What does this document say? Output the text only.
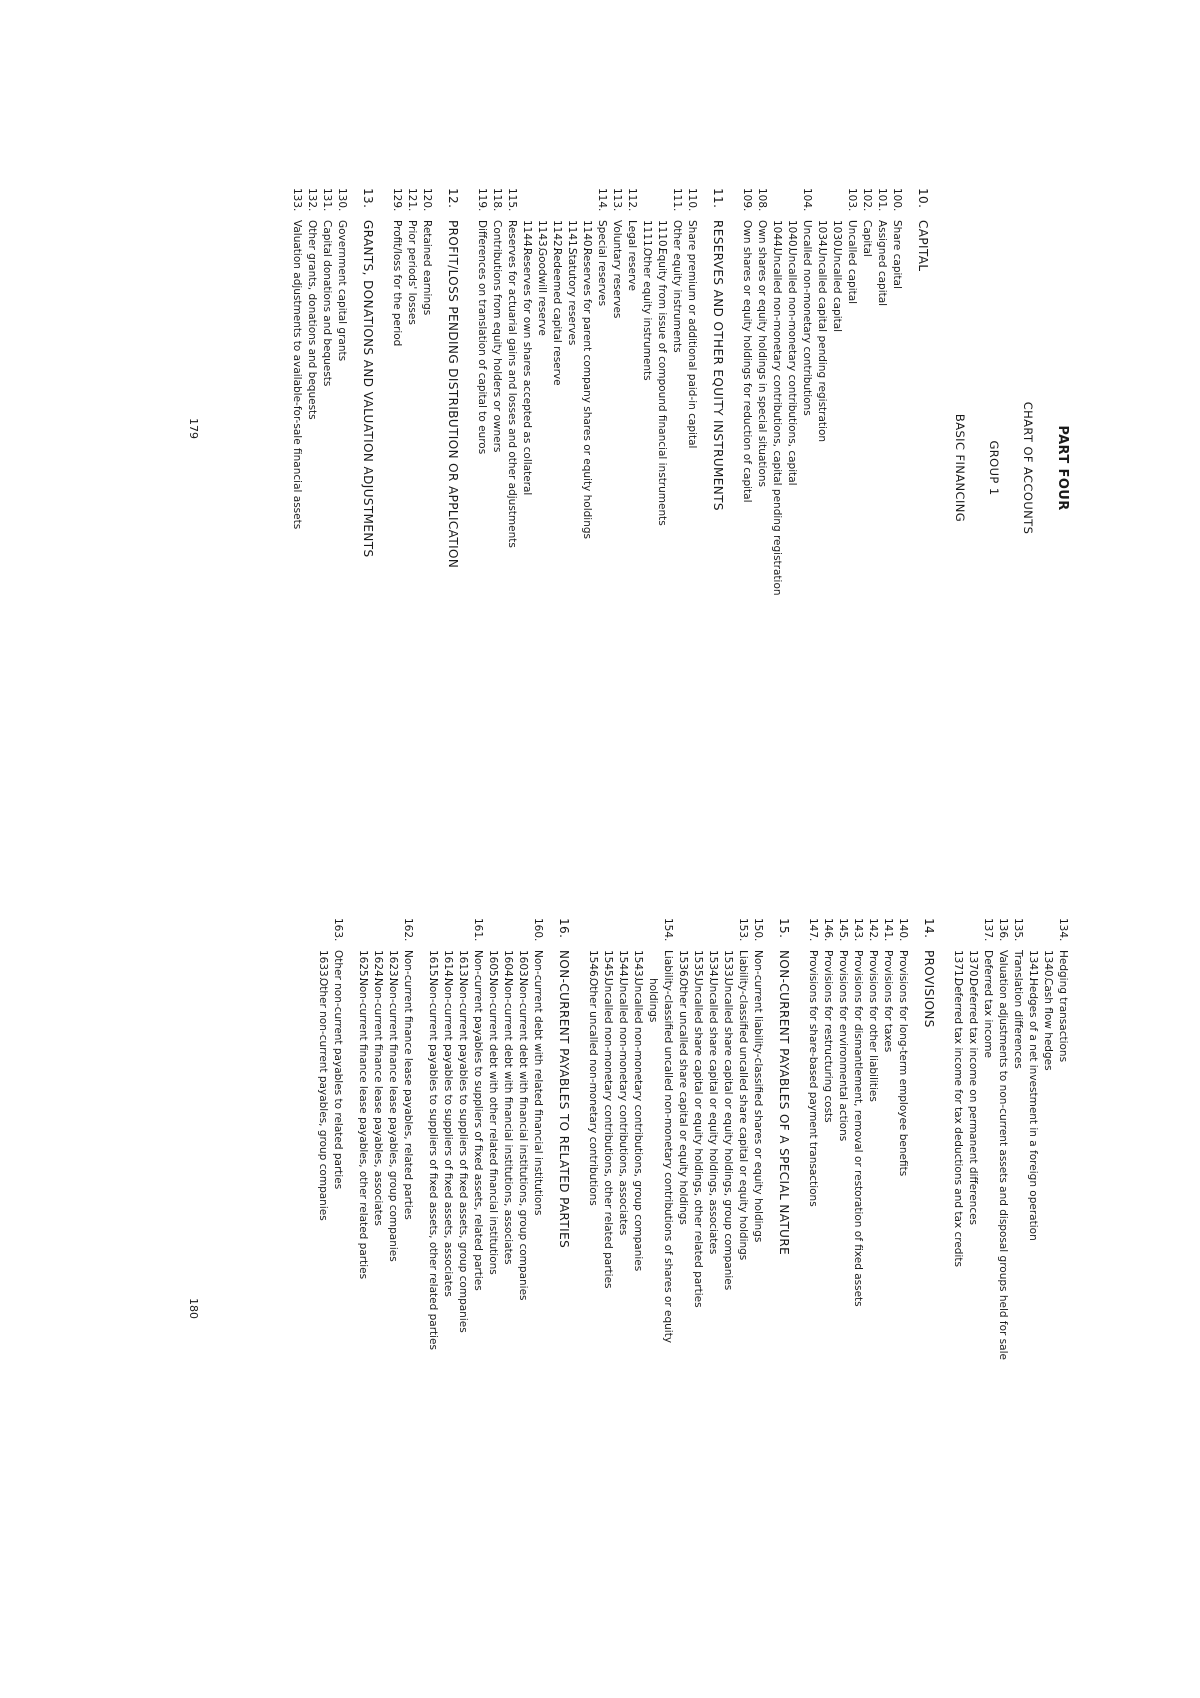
PART FOUR
CHART OF ACCOUNTS
GROUP 1
BASIC FINANCING
10.
CAPITAL
100.
Share capital
101.
Assigned capital
102.
Capital
103.
Uncalled capital
1030.
Uncalled capital
1034.
Uncalled capital pending registration
104.
Uncalled non-monetary contributions
1040.
Uncalled non-monetary contributions, capital
1044.
Uncalled non-monetary contributions, capital pending registration
108.
Own shares or equity holdings in special situations
109.
Own shares or equity holdings for reduction of capital
11.
RESERVES AND OTHER EQUITY INSTRUMENTS
110.
Share premium or additional paid-in capital
111.
Other equity instruments
1110.
Equity from issue of compound financial instruments
1111.
Other equity instruments
112.
Legal reserve
113.
Voluntary reserves
114.
Special reserves
1140.
Reserves for parent company shares or equity holdings
1141.
Statutory reserves
1142.
Redeemed capital reserve
1143.
Goodwill reserve
1144.
Reserves for own shares accepted as collateral
115.
Reserves for actuarial gains and losses and other adjustments
118.
Contributions from equity holders or owners
119.
Differences on translation of capital to euros
12.
PROFIT/LOSS PENDING DISTRIBUTION OR APPLICATION
120.
Retained earnings
121.
Prior periods' losses
129.
Profit/loss for the period
13.
GRANTS, DONATIONS AND VALUATION ADJUSTMENTS
130.
Government capital grants
131.
Capital donations and bequests
132.
Other grants, donations and bequests
133.
Valuation adjustments to available-for-sale financial assets
179
134.
Hedging transactions
1340.
Cash flow hedges
1341.
Hedges of a net investment in a foreign operation
135.
Translation differences
136.
Valuation adjustments to non-current assets and disposal groups held for sale
137.
Deferred tax income
1370.
Deferred tax income on permanent differences
1371.
Deferred tax income for tax deductions and tax credits
14.
PROVISIONS
140.
Provisions for long-term employee benefits
141.
Provisions for taxes
142.
Provisions for other liabilities
143.
Provisions for dismantlement, removal or restoration of fixed assets
145.
Provisions for environmental actions
146.
Provisions for restructuring costs
147.
Provisions for share-based payment transactions
15.
NON-CURRENT PAYABLES OF A SPECIAL NATURE
150.
Non-current liability-classified shares or equity holdings
153.
Liability-classified uncalled share capital or equity holdings
1533.
Uncalled share capital or equity holdings, group companies
1534.
Uncalled share capital or equity holdings, associates
1535.
Uncalled share capital or equity holdings, other related parties
1536.
Other uncalled share capital or equity holdings
154.
Liability-classified uncalled non-monetary contributions of shares or equity
holdings
1543.
Uncalled non-monetary contributions, group companies
1544.
Uncalled non-monetary contributions, associates
1545.
Uncalled non-monetary contributions, other related parties
1546.
Other uncalled non-monetary contributions
16.
NON-CURRENT PAYABLES TO RELATED PARTIES
160.
Non-current debt with related financial institutions
1603.
Non-current debt with financial institutions, group companies
1604.
Non-current debt with financial institutions, associates
1605.
Non-current debt with other related financial institutions
161.
Non-current payables to suppliers of fixed assets, related parties
1613.
Non-current payables to suppliers of fixed assets, group companies
1614.
Non-current payables to suppliers of fixed assets, associates
1615.
Non-current payables to suppliers of fixed assets, other related parties
162.
Non-current finance lease payables, related parties
1623.
Non-current finance lease payables, group companies
1624.
Non-current finance lease payables, associates
1625.
Non-current finance lease payables, other related parties
163.
Other non-current payables to related parties
1633.
Other non-current payables, group companies
180
